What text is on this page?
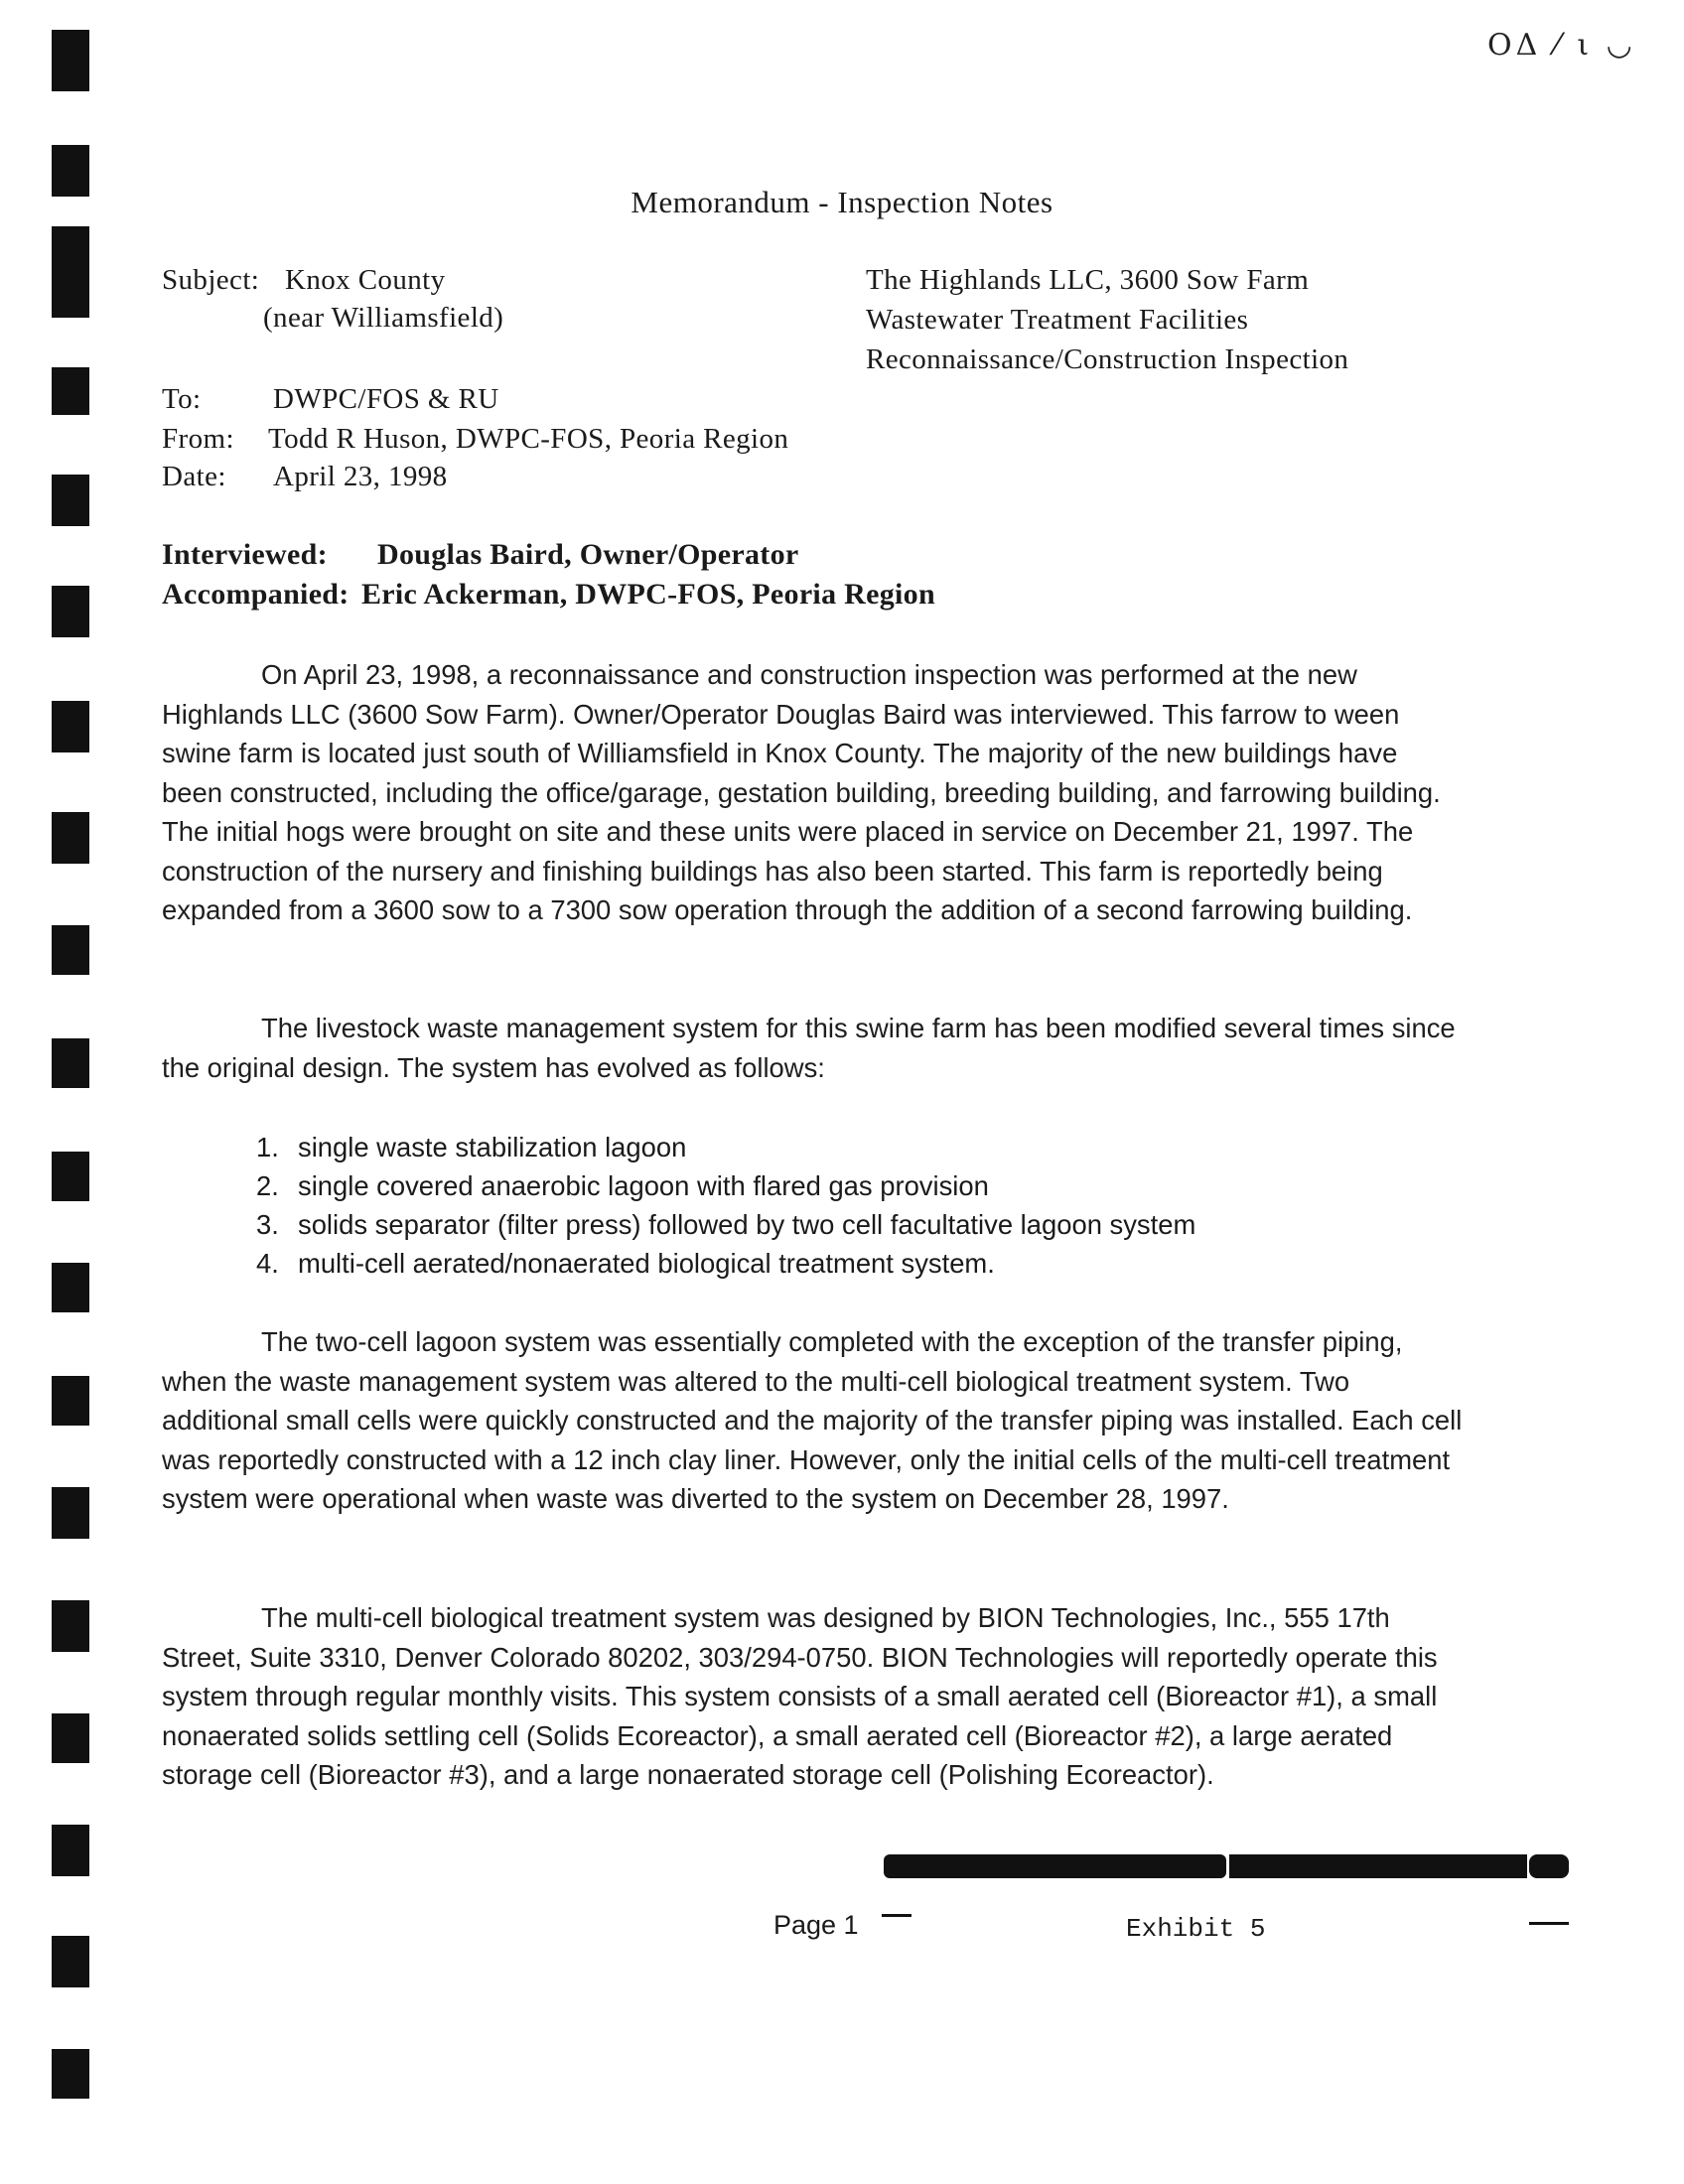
ΟΔ ⁄ ι ◡
Memorandum - Inspection Notes
Subject: Knox County
(near Williamsfield)
The Highlands LLC, 3600 Sow Farm
Wastewater Treatment Facilities
Reconnaissance/Construction Inspection
To:	DWPC/FOS & RU
From: Todd R Huson, DWPC-FOS, Peoria Region
Date: April 23, 1998
Interviewed: Douglas Baird, Owner/Operator
Accompanied: Eric Ackerman, DWPC-FOS, Peoria Region
On April 23, 1998, a reconnaissance and construction inspection was performed at the new Highlands LLC (3600 Sow Farm). Owner/Operator Douglas Baird was interviewed. This farrow to ween swine farm is located just south of Williamsfield in Knox County. The majority of the new buildings have been constructed, including the office/garage, gestation building, breeding building, and farrowing building. The initial hogs were brought on site and these units were placed in service on December 21, 1997. The construction of the nursery and finishing buildings has also been started. This farm is reportedly being expanded from a 3600 sow to a 7300 sow operation through the addition of a second farrowing building.
The livestock waste management system for this swine farm has been modified several times since the original design. The system has evolved as follows:
1. single waste stabilization lagoon
2. single covered anaerobic lagoon with flared gas provision
3. solids separator (filter press) followed by two cell facultative lagoon system
4. multi-cell aerated/nonaerated biological treatment system.
The two-cell lagoon system was essentially completed with the exception of the transfer piping, when the waste management system was altered to the multi-cell biological treatment system. Two additional small cells were quickly constructed and the majority of the transfer piping was installed. Each cell was reportedly constructed with a 12 inch clay liner. However, only the initial cells of the multi-cell treatment system were operational when waste was diverted to the system on December 28, 1997.
The multi-cell biological treatment system was designed by BION Technologies, Inc., 555 17th Street, Suite 3310, Denver Colorado 80202, 303/294-0750. BION Technologies will reportedly operate this system through regular monthly visits. This system consists of a small aerated cell (Bioreactor #1), a small nonaerated solids settling cell (Solids Ecoreactor), a small aerated cell (Bioreactor #2), a large aerated storage cell (Bioreactor #3), and a large nonaerated storage cell (Polishing Ecoreactor).
Page 1	Exhibit 5
